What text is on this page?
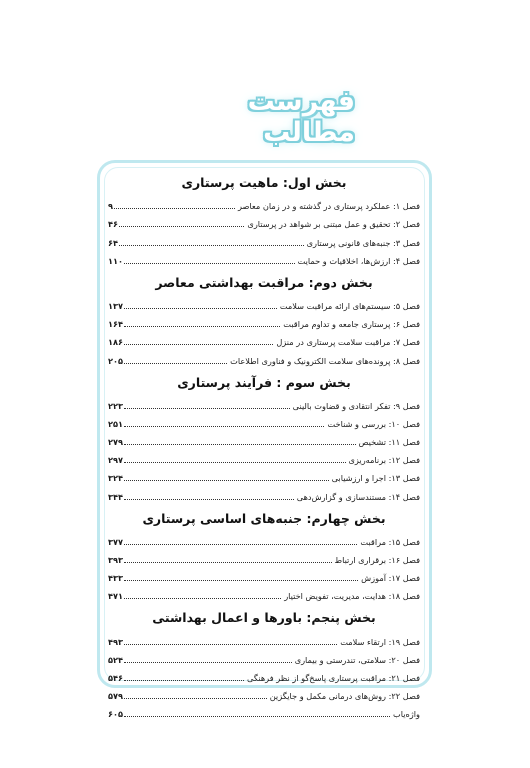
فهرست مطالب
بخش اول: ماهیت پرستاری
فصل ۱: عملکرد پرستاری در گذشته و در زمان معاصر
۹
فصل ۲: تحقیق و عمل مبتنی بر شواهد در پرستاری
۴۶
فصل ۳: جنبه‌های قانونی پرستاری
۶۴
فصل ۴: ارزش‌ها، اخلاقیات و حمایت
۱۱۰
بخش دوم: مراقبت بهداشتی معاصر
فصل ۵: سیستم‌های ارائه مراقبت سلامت
۱۳۷
فصل ۶: پرستاری جامعه و تداوم مراقبت
۱۶۴
فصل ۷: مراقبت سلامت پرستاری در منزل
۱۸۶
فصل ۸: پرونده‌های سلامت الکترونیک و فناوری اطلاعات
۲۰۵
بخش سوم : فرآیند پرستاری
فصل ۹: تفکر انتقادی و قضاوت بالینی
۲۲۳
فصل ۱۰: بررسی و شناخت
۲۵۱
فصل ۱۱: تشخیص
۲۷۹
فصل ۱۲: برنامه‌ریزی
۲۹۷
فصل ۱۳: اجرا و ارزشیابی
۳۲۴
فصل ۱۴: مستندسازی و گزارش‌دهی
۳۴۴
بخش چهارم: جنبه‌های اساسی پرستاری
فصل ۱۵: مراقبت
۳۷۷
فصل ۱۶: برقراری ارتباط
۳۹۳
فصل ۱۷: آموزش
۴۳۳
فصل ۱۸: هدایت، مدیریت، تفویض اختیار
۴۷۱
بخش پنجم: باورها و اعمال بهداشتی
فصل ۱۹: ارتقاء سلامت
۴۹۳
فصل ۲۰: سلامتی، تندرستی و بیماری
۵۲۴
فصل ۲۱: مراقبت پرستاری پاسخ‌گو از نظر فرهنگی
۵۴۶
فصل ۲۲: روش‌های درمانی مکمل و جایگزین
۵۷۹
واژه‌یاب
۶۰۵
